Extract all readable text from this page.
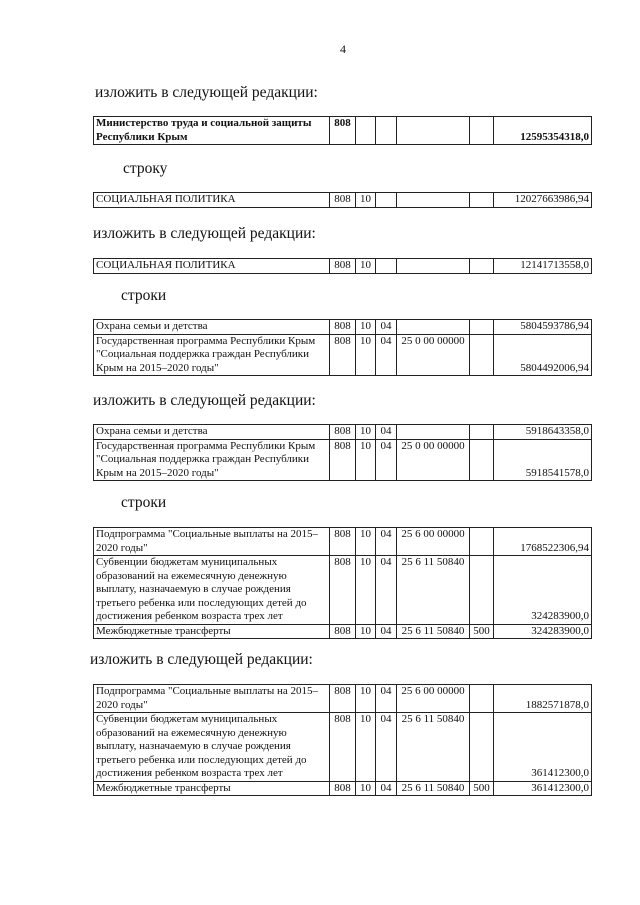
4
изложить в следующей редакции:
Министерство труда и социальной защиты Республики Крым	808					12595354318,0
строку
СОЦИАЛЬНАЯ ПОЛИТИКА	808	10				12027663986,94
изложить в следующей редакции:
СОЦИАЛЬНАЯ ПОЛИТИКА	808	10				12141713558,0
строки
Охрана семьи и детства	808	10	04			5804593786,94
Государственная программа Республики Крым "Социальная поддержка граждан Республики Крым на 2015–2020 годы"	808	10	04	25 0 00 00000		5804492006,94
изложить в следующей редакции:
Охрана семьи и детства	808	10	04			5918643358,0
Государственная программа Республики Крым "Социальная поддержка граждан Республики Крым на 2015–2020 годы"	808	10	04	25 0 00 00000		5918541578,0
строки
Подпрограмма "Социальные выплаты на 2015–2020 годы"	808	10	04	25 6 00 00000		1768522306,94
Субвенции бюджетам муниципальных образований на ежемесячную денежную выплату, назначаемую в случае рождения третьего ребенка или последующих детей до достижения ребенком возраста трех лет	808	10	04	25 6 11 50840		324283900,0
Межбюджетные трансферты	808	10	04	25 6 11 50840	500	324283900,0
изложить в следующей редакции:
Подпрограмма "Социальные выплаты на 2015–2020 годы"	808	10	04	25 6 00 00000		1882571878,0
Субвенции бюджетам муниципальных образований на ежемесячную денежную выплату, назначаемую в случае рождения третьего ребенка или последующих детей до достижения ребенком возраста трех лет	808	10	04	25 6 11 50840		361412300,0
Межбюджетные трансферты	808	10	04	25 6 11 50840	500	361412300,0
